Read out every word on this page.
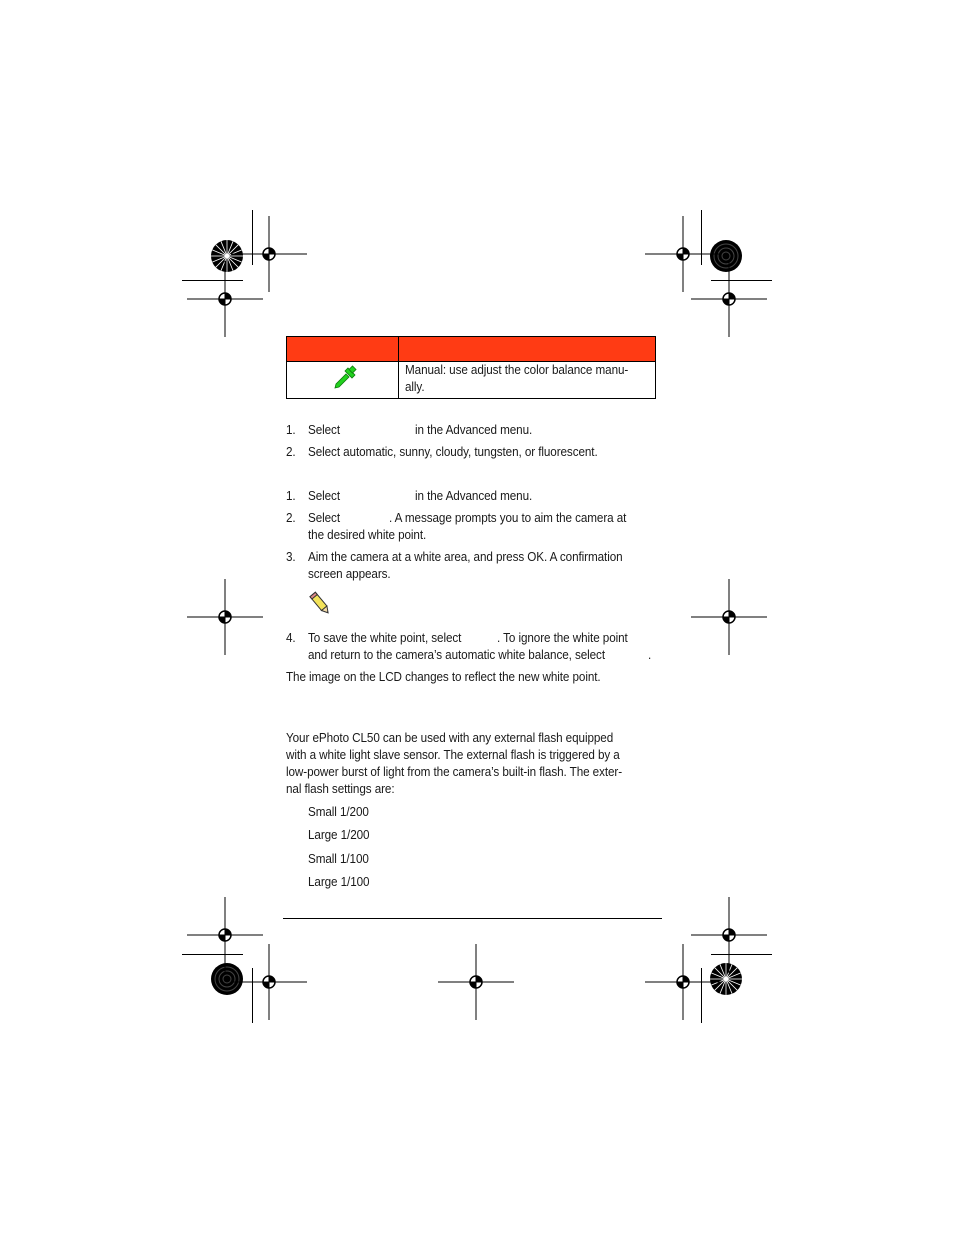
Manual: use adjust the color balance manu-
ally.
1. Select	in the Advanced menu.
2. Select automatic, sunny, cloudy, tungsten, or fluorescent.
1. Select	in the Advanced menu.
2. Select	. A message prompts you to aim the camera at
the desired white point.
3. Aim the camera at a white area, and press OK. A confirmation
screen appears.
4. To save the white point, select	. To ignore the white point
and return to the camera’s automatic white balance, select	.
The image on the LCD changes to reflect the new white point.
Your ePhoto CL50 can be used with any external flash equipped
with a white light slave sensor. The external flash is triggered by a
low-power burst of light from the camera’s built-in flash. The exter-
nal flash settings are:
Small 1/200
Large 1/200
Small 1/100
Large 1/100
